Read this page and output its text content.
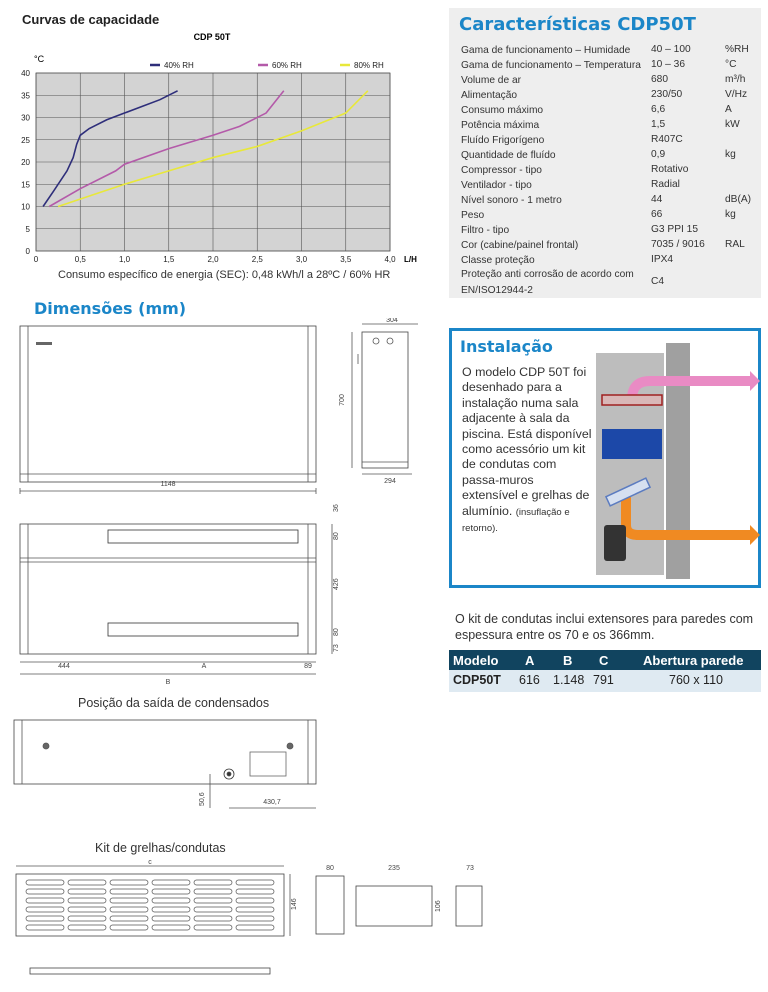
Curvas de capacidade
CDP 50T
°C
L/H
0	0,5	1,0	1,5	2,0	2,5	3,0	3,5	4,0
0
5
10
15
20
25
30
35
40
40% RH	60% RH	80% RH
Consumo específico de energia (SEC): 0,48 kWh/l a 28ºC / 60% HR
Características CDP50T
Gama de funcionamento – Humidade 40 – 100	%RH
Gama de funcionamento – Temperatura 10 – 36	°C
Volume de ar	680	m³/h
Alimentação	230/50	V/Hz
Consumo máximo	6,6	A
Potência máxima	1,5	kW
Fluído Frigorígeno	R407C
Quantidade de fluído	0,9	kg
Compressor - tipo	Rotativo
Ventilador - tipo	Radial
Nível sonoro - 1 metro	44	dB(A)
Peso	66	kg
Filtro - tipo	G3 PPI 15
Cor (cabine/painel frontal)	7035 / 9016 RAL
Classe proteção	IPX4
Proteção anti corrosão de acordo com
EN/ISO12944-2
C4
Dimensões (mm)
1148
304
700
294
36
80
426
80
73
444	A	89
B
Posição da saída de condensados
50,6	430,7
Kit de grelhas/condutas
c
146
80	235
106
73
Instalação
O modelo CDP 50T foi desenhado para a instalação numa sala adjacente à sala da piscina. Está disponível como acessório um kit de condutas com passa-muros extensível e grelhas de alumínio. (insuflação e retorno).
O kit de condutas inclui extensores para paredes com espessura entre os 70 e os 366mm.
Modelo A B C	Abertura parede
CDP50T 616 1.148 791	760 x 110
